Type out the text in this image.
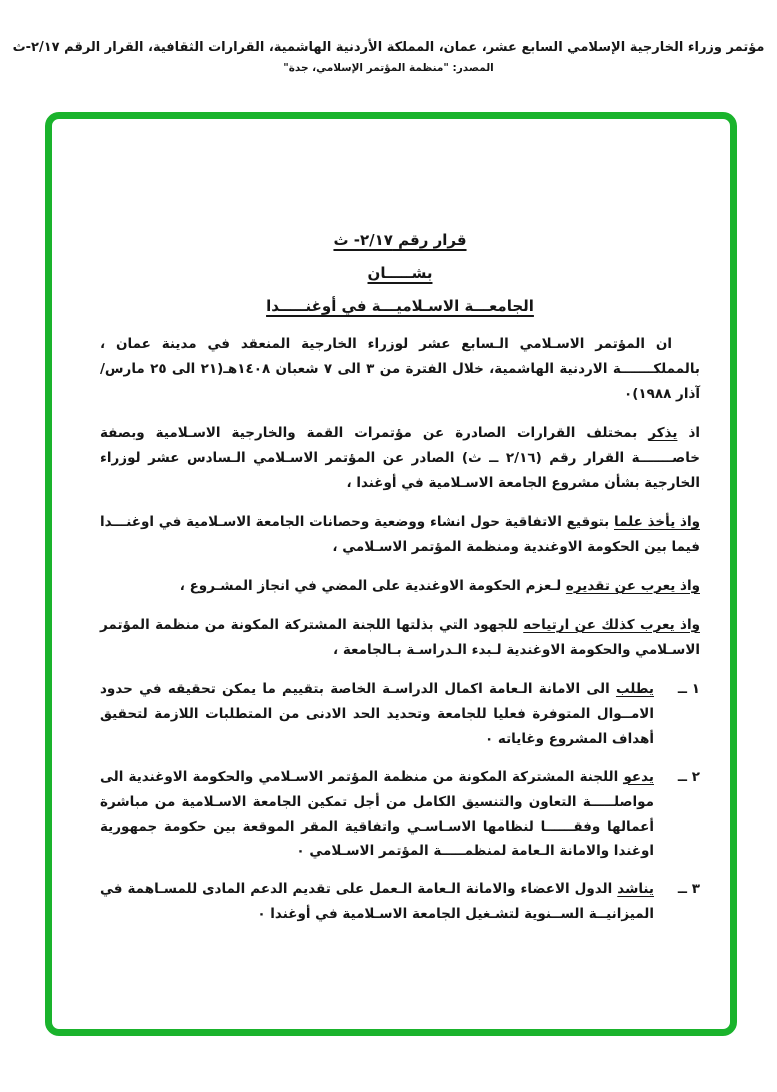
مؤتمر وزراء الخارجية الإسلامي السابع عشر، عمان، المملكة الأردنية الهاشمية، القرارات الثقافية، القرار الرقم ٢/١٧-ث
المصدر: "منظمة المؤتمر الإسلامي، جدة"
قرار رقم ٢/١٧- ث
بشـــــان
الجامعـــة الاسـلاميـــة في أوغنـــــدا
ان المؤتمر الاسـلامي الـسابع عشر لوزراء الخارجية المنعقد في مدينة عمان ، بالمملكـــــــة الاردنية الهاشمية، خلال الفترة من ٣ الى ٧ شعبان ١٤٠٨هـ(٢١ الى ٢٥ مارس/آذار ١٩٨٨)٠
اذ يذكر بمختلف القرارات الصادرة عن مؤتمرات القمة والخارجية الاسـلامية وبصفة خاصـــــــة القرار رقم (٢/١٦ ــ ث) الصادر عن المؤتمر الاسـلامي الـسادس عشر لوزراء الخارجية بشأن مشروع الجامعة الاسـلامية في أوغندا ،
واذ يأخذ علما بتوقيع الاتفاقية حول انشاء ووضعية وحصانات الجامعة الاسـلامية في اوغنـــدا فيما بين الحكومة الاوغندية ومنظمة المؤتمر الاسـلامي ،
واذ يعرب عن تقديره لـعزم الحكومة الاوغندية على المضي في انجاز المشـروع ،
واذ يعرب كذلك عن ارتياحه للجهود التي بذلتها اللجنة المشتركة المكونة من منظمة المؤتمر الاسـلامي والحكومة الاوغندية لـبدء الـدراسـة بـالجامعة ،
١ ــ
يطلب الى الامانة الـعامة اكمال الدراسـة الخاصة بتقييم ما يمكن تحقيقه في حدود الامــوال المتوفرة فعليا للجامعة وتحديد الحد الادنى من المتطلبات اللازمة لتحقيق أهداف المشروع وغاياته ٠
٢ ــ
يدعو اللجنة المشتركة المكونة من منظمة المؤتمر الاسـلامي والحكومة الاوغندية الى مواصلـــــة التعاون والتنسيق الكامل من أجل تمكين الجامعة الاسـلامية من مباشرة أعمالها وفقــــــا لنظامها الاسـاسـي واتفاقية المقر الموقعة بين حكومة جمهورية اوغندا والامانة الـعامة لمنظمـــــة المؤتمر الاسـلامي ٠
٣ ــ
يناشد الدول الاعضاء والامانة الـعامة الـعمل على تقديم الدعم المادى للمسـاهمة في الميزانيــة الســنوية لتشـغيل الجامعة الاسـلامية في أوغندا ٠
